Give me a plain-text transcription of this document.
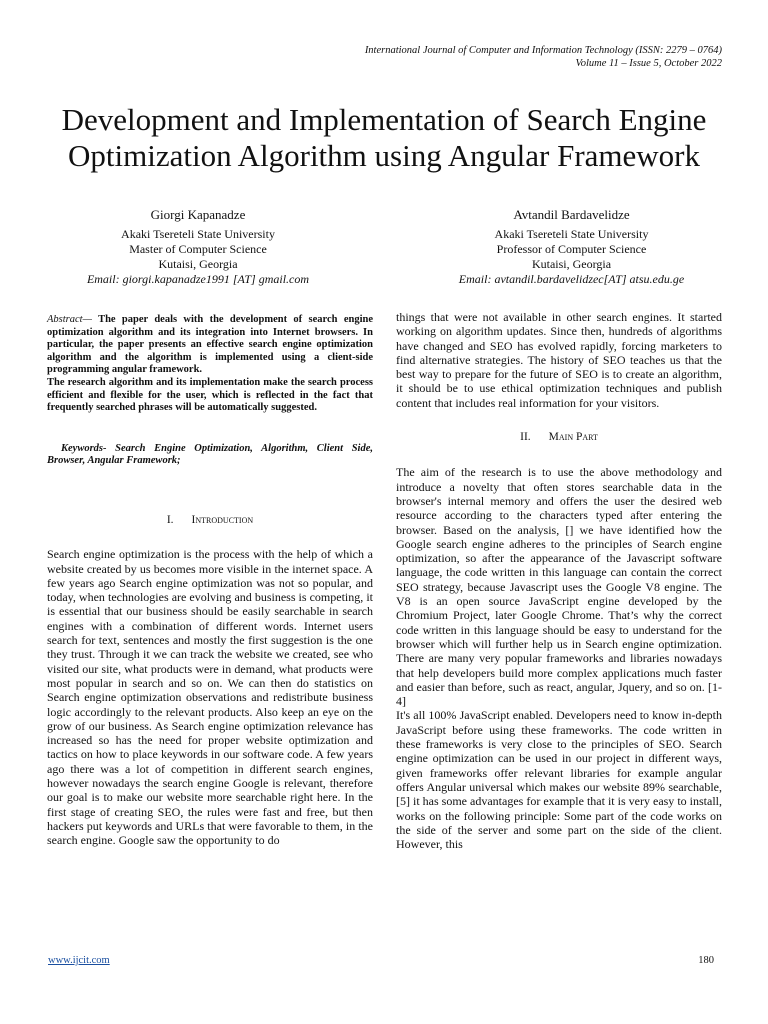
International Journal of Computer and Information Technology (ISSN: 2279 – 0764)
Volume 11 – Issue 5, October 2022
Development and Implementation of Search Engine
Optimization Algorithm using Angular Framework
Giorgi Kapanadze
Akaki Tsereteli State University
Master of Computer Science
Kutaisi, Georgia
Email: giorgi.kapanadze1991 [AT] gmail.com
Avtandil Bardavelidze
Akaki Tsereteli State University
Professor of Computer Science
Kutaisi, Georgia
Email: avtandil.bardavelidzec[AT] atsu.edu.ge

Abstract— The paper deals with the development of search engine optimization algorithm and its integration into Internet browsers. In particular, the paper presents an effective search engine optimization algorithm and the algorithm is implemented using a client-side programming angular framework.

The research algorithm and its implementation make the search process efficient and flexible for the user, which is reflected in the fact that frequently searched phrases will be automatically suggested.

Keywords- Search Engine Optimization, Algorithm, Client Side, Browser, Angular Framework;

I. Introduction

Search engine optimization is the process with the help of which a website created by us becomes more visible in the internet space. A few years ago Search engine optimization was not so popular, and today, when technologies are evolving and business is competing, it is essential that our business should be easily searchable in search engines with a combination of different words. Internet users search for text, sentences and mostly the first suggestion is the one they trust. Through it we can track the website we created, see who visited our site, what products were in demand, what products were most popular in search and so on. We can then do statistics on Search engine optimization observations and redistribute business logic accordingly to the relevant products. Also keep an eye on the grow of our business. As Search engine optimization relevance has increased so has the need for proper website optimization and tactics on how to place keywords in our software code. A few years ago there was a lot of competition in different search engines, however nowadays the search engine Google is relevant, therefore our goal is to make our website more searchable right here. In the first stage of creating SEO, the rules were fast and free, but then hackers put keywords and URLs that were favorable to them, in the search engine. Google saw the opportunity to do

things that were not available in other search engines. It started working on algorithm updates. Since then, hundreds of algorithms have changed and SEO has evolved rapidly, forcing marketers to find alternative strategies. The history of SEO teaches us that the best way to prepare for the future of SEO is to create an algorithm, it should be to use ethical optimization techniques and publish content that includes real information for your visitors.

II. Main Part

The aim of the research is to use the above methodology and introduce a novelty that often stores searchable data in the browser's internal memory and offers the user the desired web resource according to the characters typed after entering the browser. Based on the analysis, [] we have identified how the Google search engine adheres to the principles of Search engine optimization, so after the appearance of the Javascript software language, the code written in this language can contain the correct SEO strategy, because Javascript uses the Google V8 engine. The V8 is an open source JavaScript engine developed by the Chromium Project, later Google Chrome. That’s why the correct code written in this language should be easy to understand for the browser which will further help us in Search engine optimization. There are many very popular frameworks and libraries nowadays that help developers build more complex applications much faster and easier than before, such as react, angular, Jquery, and so on. [1-4]

It's all 100% JavaScript enabled. Developers need to know in-depth JavaScript before using these frameworks. The code written in these frameworks is very close to the principles of SEO. Search engine optimization can be used in our project in different ways, given frameworks offer relevant libraries for example angular offers Angular universal which makes our website 89% searchable,[5] it has some advantages for example that it is very easy to install, works on the following principle: Some part of the code works on the side of the server and some part on the side of the client. However, this

www.ijcit.com	180
